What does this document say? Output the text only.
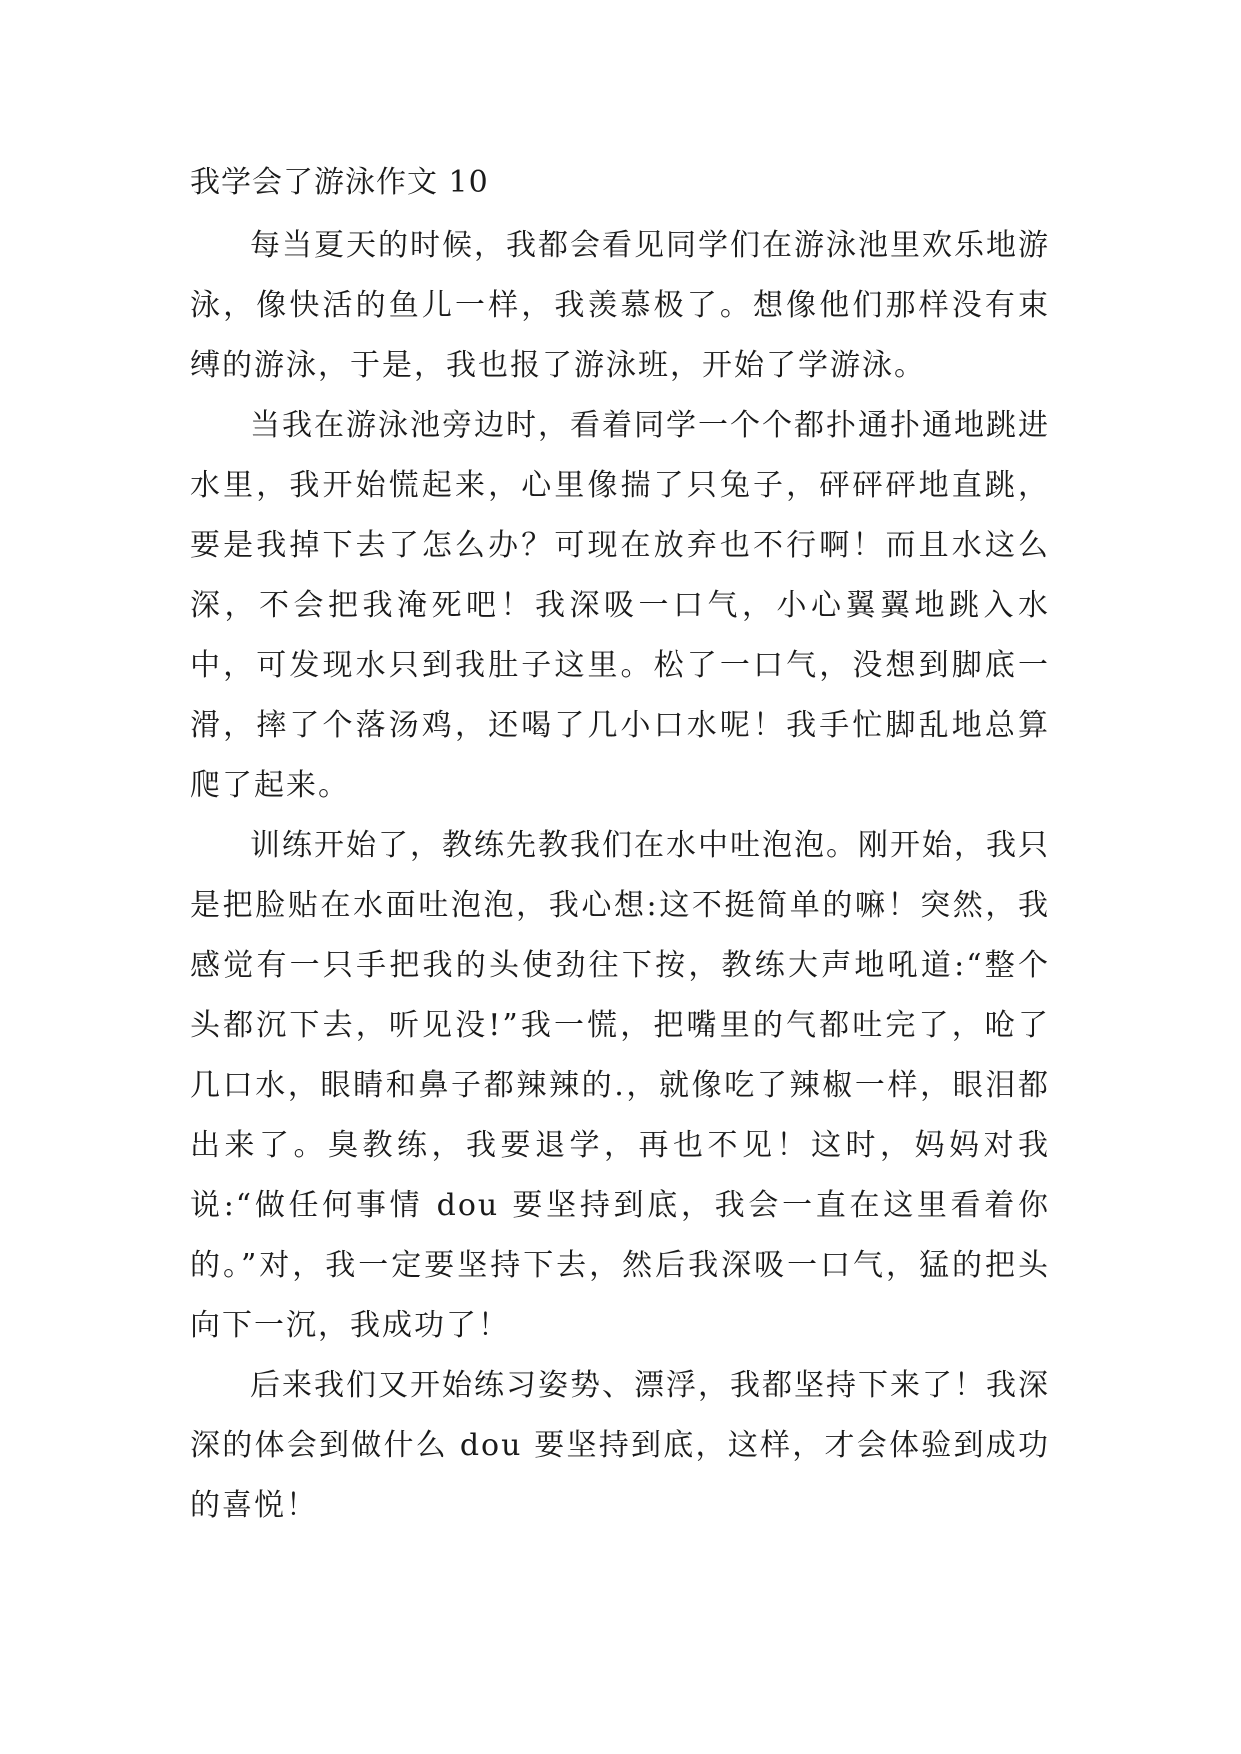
我学会了游泳作文 10

每当夏天的时候，我都会看见同学们在游泳池里欢乐地游泳，像快活的鱼儿一样，我羡慕极了。想像他们那样没有束缚的游泳，于是，我也报了游泳班，开始了学游泳。

当我在游泳池旁边时，看着同学一个个都扑通扑通地跳进水里，我开始慌起来，心里像揣了只兔子，砰砰砰地直跳，要是我掉下去了怎么办？可现在放弃也不行啊！而且水这么深，不会把我淹死吧！我深吸一口气，小心翼翼地跳入水中，可发现水只到我肚子这里。松了一口气，没想到脚底一滑，摔了个落汤鸡，还喝了几小口水呢！我手忙脚乱地总算爬了起来。

训练开始了，教练先教我们在水中吐泡泡。刚开始，我只是把脸贴在水面吐泡泡，我心想:这不挺简单的嘛！突然，我感觉有一只手把我的头使劲往下按，教练大声地吼道:“整个头都沉下去，听见没!”我一慌，把嘴里的气都吐完了，呛了几口水，眼睛和鼻子都辣辣的.，就像吃了辣椒一样，眼泪都出来了。臭教练，我要退学，再也不见！这时，妈妈对我说:“做任何事情 dou 要坚持到底，我会一直在这里看着你的。”对，我一定要坚持下去，然后我深吸一口气，猛的把头向下一沉，我成功了！

后来我们又开始练习姿势、漂浮，我都坚持下来了！我深深的体会到做什么 dou 要坚持到底，这样，才会体验到成功的喜悦！
